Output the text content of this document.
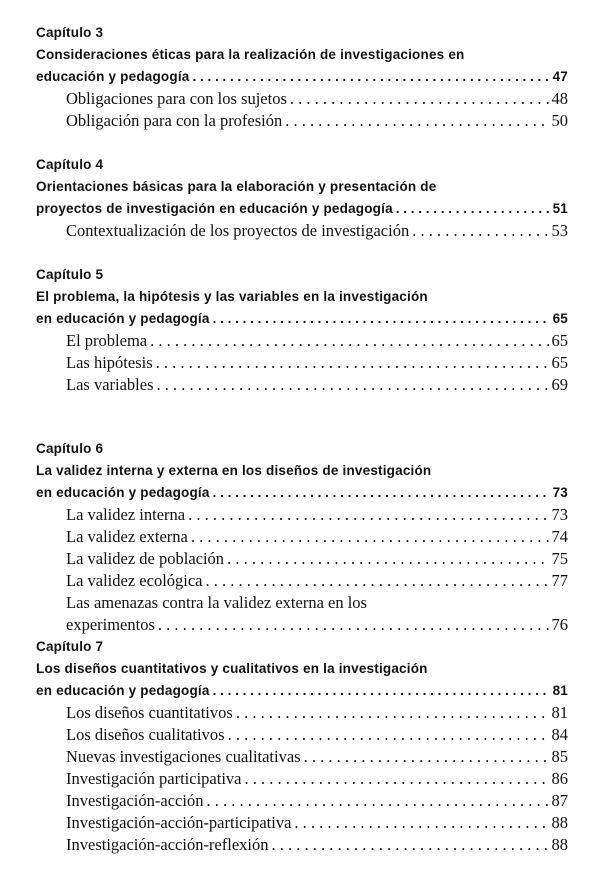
Capítulo 3
Consideraciones éticas para la realización de investigaciones en
educación y pedagogía . . .	47
Obligaciones para con los sujetos . . .	48
Obligación para con la profesión . . .	50
Capítulo 4
Orientaciones básicas para la elaboración y presentación de
proyectos de investigación en educación y pedagogía . . .	51
Contextualización de los proyectos de investigación . . .	53
Capítulo 5
El problema, la hipótesis y las variables en la investigación
en educación y pedagogía . . .	65
El problema . . .	65
Las hipótesis . . .	65
Las variables . . .	69
Capítulo 6
La validez interna y externa en los diseños de investigación
en educación y pedagogía . . .	73
La validez interna . . .	73
La validez externa . . .	74
La validez de población . . .	75
La validez ecológica . . .	77
Las amenazas contra la validez externa en los
experimentos . . .	76
Capítulo 7
Los diseños cuantitativos y cualitativos en la investigación
en educación y pedagogía . . .	81
Los diseños cuantitativos . . .	81
Los diseños cualitativos . . .	84
Nuevas investigaciones cualitativas . . .	85
Investigación participativa . . .	86
Investigación-acción . . .	87
Investigación-acción-participativa . . .	88
Investigación-acción-reflexión . . .	88
